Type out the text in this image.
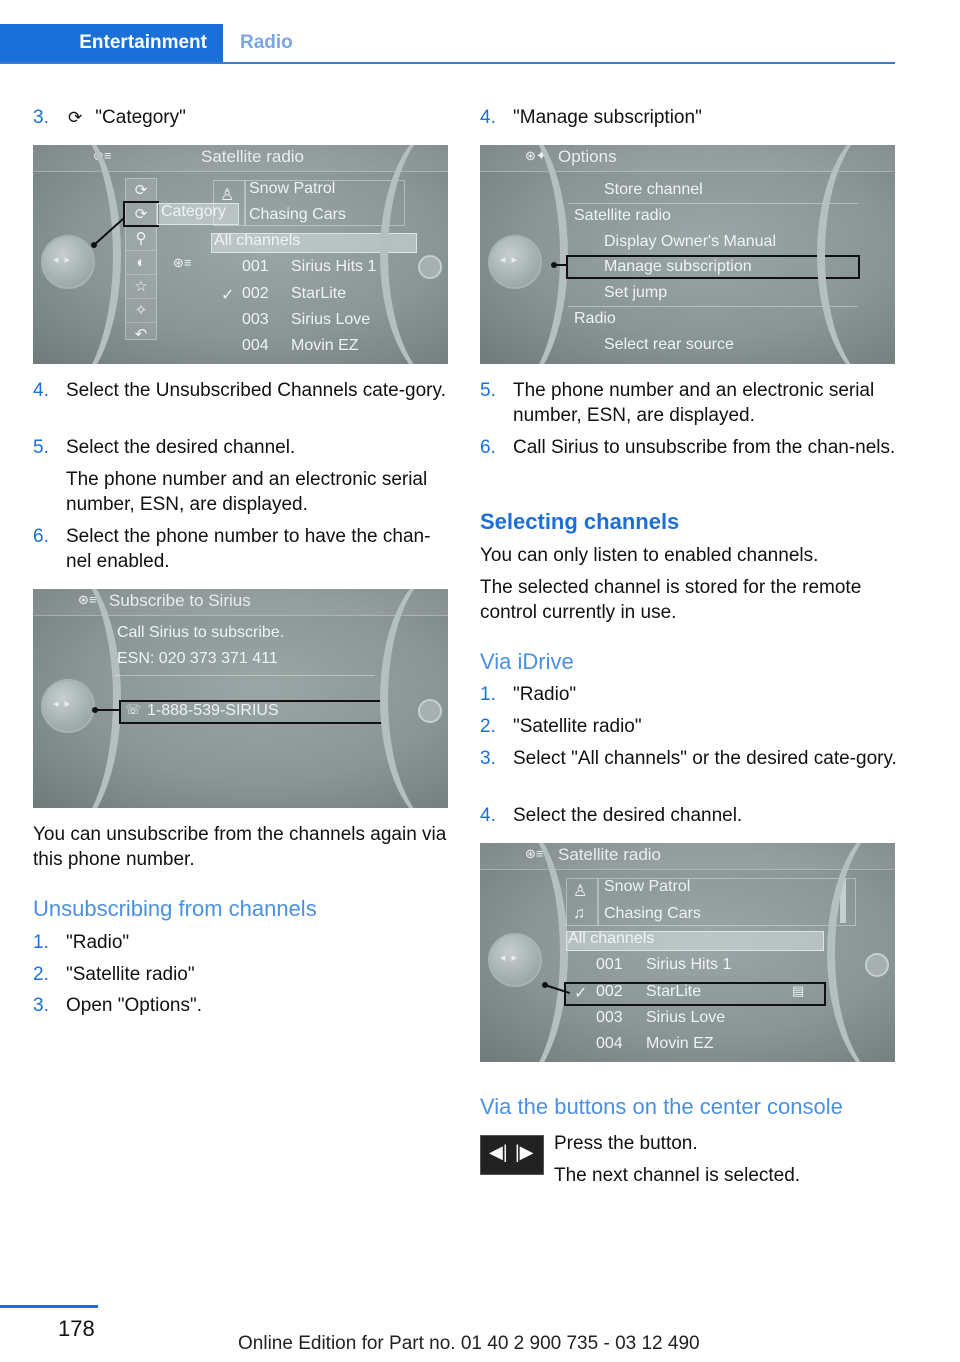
Entertainment	Radio
3.	⟳ "Category"
⊛≡	Satellite radio
◂▸
⟳
⟳
⚲
◐
☆
✧
↶
Category
♙ Snow Patrol
Chasing Cars
All channels
⊛≡	001 Sirius Hits 1
✓ 002 StarLite
003 Sirius Love
004 Movin EZ
4. Select the Unsubscribed Channels cate-gory.
5. Select the desired channel.
The phone number and an electronic serial number, ESN, are displayed.
6. Select the phone number to have the chan-nel enabled.
⊛≡ Subscribe to Sirius
◂▸
Call Sirius to subscribe.
ESN: 020 373 371 411
☏ 1-888-539-SIRIUS
You can unsubscribe from the channels again via this phone number.
Unsubscribing from channels
1. "Radio"
2. "Satellite radio"
3. Open "Options".
4. "Manage subscription"
⊛✦ Options
◂▸
Store channel
Satellite radio
Display Owner's Manual
Manage subscription
Set jump
Radio
Select rear source
5. The phone number and an electronic serial number, ESN, are displayed.
6. Call Sirius to unsubscribe from the chan-nels.
Selecting channels
You can only listen to enabled channels.
The selected channel is stored for the remote control currently in use.
Via iDrive
1. "Radio"
2. "Satellite radio"
3. Select "All channels" or the desired cate-gory.
4. Select the desired channel.
⊛≡ Satellite radio
◂▸
♙
♫
Snow Patrol
Chasing Cars
All channels
001 Sirius Hits 1
✓ 002 StarLite	▤
003 Sirius Love
004 Movin EZ
Via the buttons on the center console
◀| |▶ Press the button.
The next channel is selected.
178
Online Edition for Part no. 01 40 2 900 735 - 03 12 490
